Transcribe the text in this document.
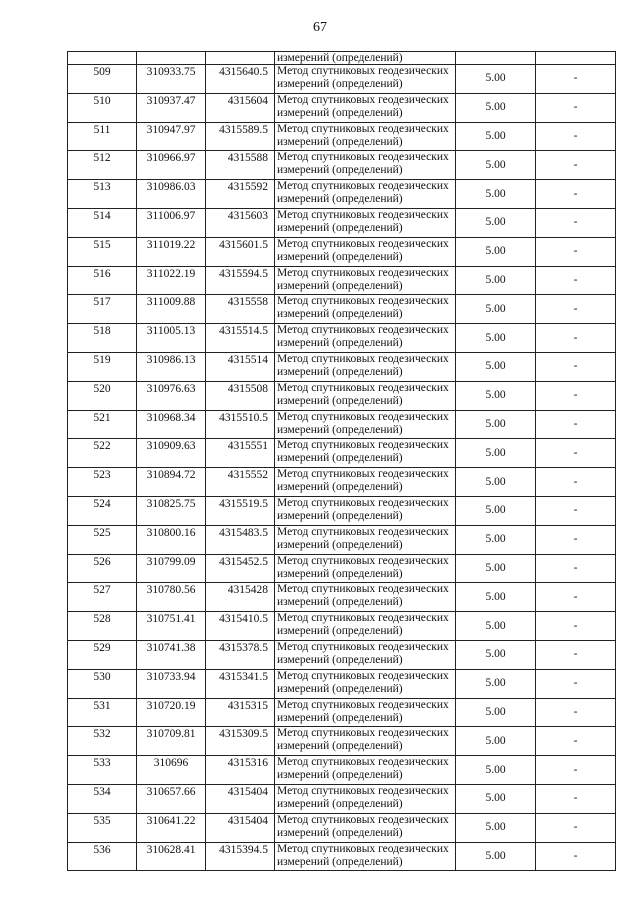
67
			измерений (определений)		
509	310933.75	4315640.5	Метод спутниковых геодезических
измерений (определений)	5.00	-
510	310937.47	4315604	Метод спутниковых геодезических
измерений (определений)	5.00	-
511	310947.97	4315589.5	Метод спутниковых геодезических
измерений (определений)	5.00	-
512	310966.97	4315588	Метод спутниковых геодезических
измерений (определений)	5.00	-
513	310986.03	4315592	Метод спутниковых геодезических
измерений (определений)	5.00	-
514	311006.97	4315603	Метод спутниковых геодезических
измерений (определений)	5.00	-
515	311019.22	4315601.5	Метод спутниковых геодезических
измерений (определений)	5.00	-
516	311022.19	4315594.5	Метод спутниковых геодезических
измерений (определений)	5.00	-
517	311009.88	4315558	Метод спутниковых геодезических
измерений (определений)	5.00	-
518	311005.13	4315514.5	Метод спутниковых геодезических
измерений (определений)	5.00	-
519	310986.13	4315514	Метод спутниковых геодезических
измерений (определений)	5.00	-
520	310976.63	4315508	Метод спутниковых геодезических
измерений (определений)	5.00	-
521	310968.34	4315510.5	Метод спутниковых геодезических
измерений (определений)	5.00	-
522	310909.63	4315551	Метод спутниковых геодезических
измерений (определений)	5.00	-
523	310894.72	4315552	Метод спутниковых геодезических
измерений (определений)	5.00	-
524	310825.75	4315519.5	Метод спутниковых геодезических
измерений (определений)	5.00	-
525	310800.16	4315483.5	Метод спутниковых геодезических
измерений (определений)	5.00	-
526	310799.09	4315452.5	Метод спутниковых геодезических
измерений (определений)	5.00	-
527	310780.56	4315428	Метод спутниковых геодезических
измерений (определений)	5.00	-
528	310751.41	4315410.5	Метод спутниковых геодезических
измерений (определений)	5.00	-
529	310741.38	4315378.5	Метод спутниковых геодезических
измерений (определений)	5.00	-
530	310733.94	4315341.5	Метод спутниковых геодезических
измерений (определений)	5.00	-
531	310720.19	4315315	Метод спутниковых геодезических
измерений (определений)	5.00	-
532	310709.81	4315309.5	Метод спутниковых геодезических
измерений (определений)	5.00	-
533	310696	4315316	Метод спутниковых геодезических
измерений (определений)	5.00	-
534	310657.66	4315404	Метод спутниковых геодезических
измерений (определений)	5.00	-
535	310641.22	4315404	Метод спутниковых геодезических
измерений (определений)	5.00	-
536	310628.41	4315394.5	Метод спутниковых геодезических
измерений (определений)	5.00	-
